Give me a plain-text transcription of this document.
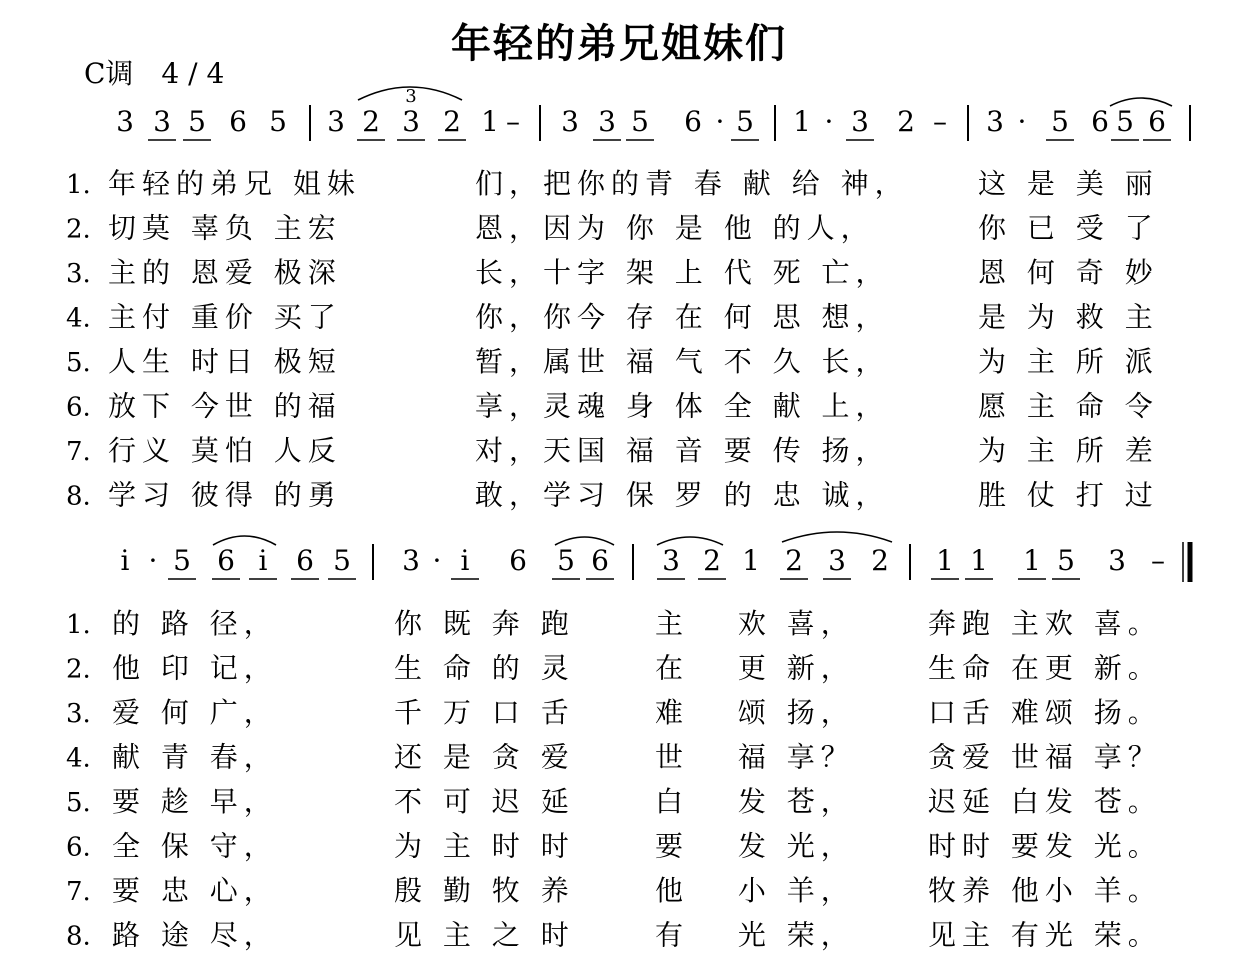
年轻的弟兄姐妹们
C调　4 / 4
3 3 5 6 5 3 2 3 2 1 – 3 3 5 6 · 5 1 · 3 2 – 3 · 5 6 5 6
i · 5 6 i 6 5 3 · i 6 5 6 3 2 1 2 3 2 1 1 1 5 3 –
3
1. 年轻的弟兄 姐妹	们，把你的青 春 献 给 神， 这 是 美 丽
2. 切莫 辜负 主宏	恩，因为 你 是 他 的人，	你 已 受 了
3. 主的 恩爱 极深	长，十字 架 上 代 死 亡，	恩 何 奇 妙
4. 主付 重价 买了	你，你今 存 在 何 思 想，	是 为 救 主
5. 人生 时日 极短	暂，属世 福 气 不 久 长，	为 主 所 派
6. 放下 今世 的福	享，灵魂 身 体 全 献 上，	愿 主 命 令
7. 行义 莫怕 人反	对，天国 福 音 要 传 扬，	为 主 所 差
8. 学习 彼得 的勇	敢，学习 保 罗 的 忠 诚，	胜 仗 打 过
1. 的 路 径，	你 既 奔 跑	主　 欢 喜，	奔跑 主欢 喜。
2. 他 印 记，	生 命 的 灵	在　 更 新，	生命 在更 新。
3. 爱 何 广，	千 万 口 舌	难　 颂 扬，	口舌 难颂 扬。
4. 献 青 春，	还 是 贪 爱	世　 福 享？	贪爱 世福 享？
5. 要 趁 早，	不 可 迟 延	白　 发 苍，	迟延 白发 苍。
6. 全 保 守，	为 主 时 时	要　 发 光，	时时 要发 光。
7. 要 忠 心，	殷 勤 牧 养	他　 小 羊，	牧养 他小 羊。
8. 路 途 尽，	见 主 之 时	有　 光 荣，	见主 有光 荣。
